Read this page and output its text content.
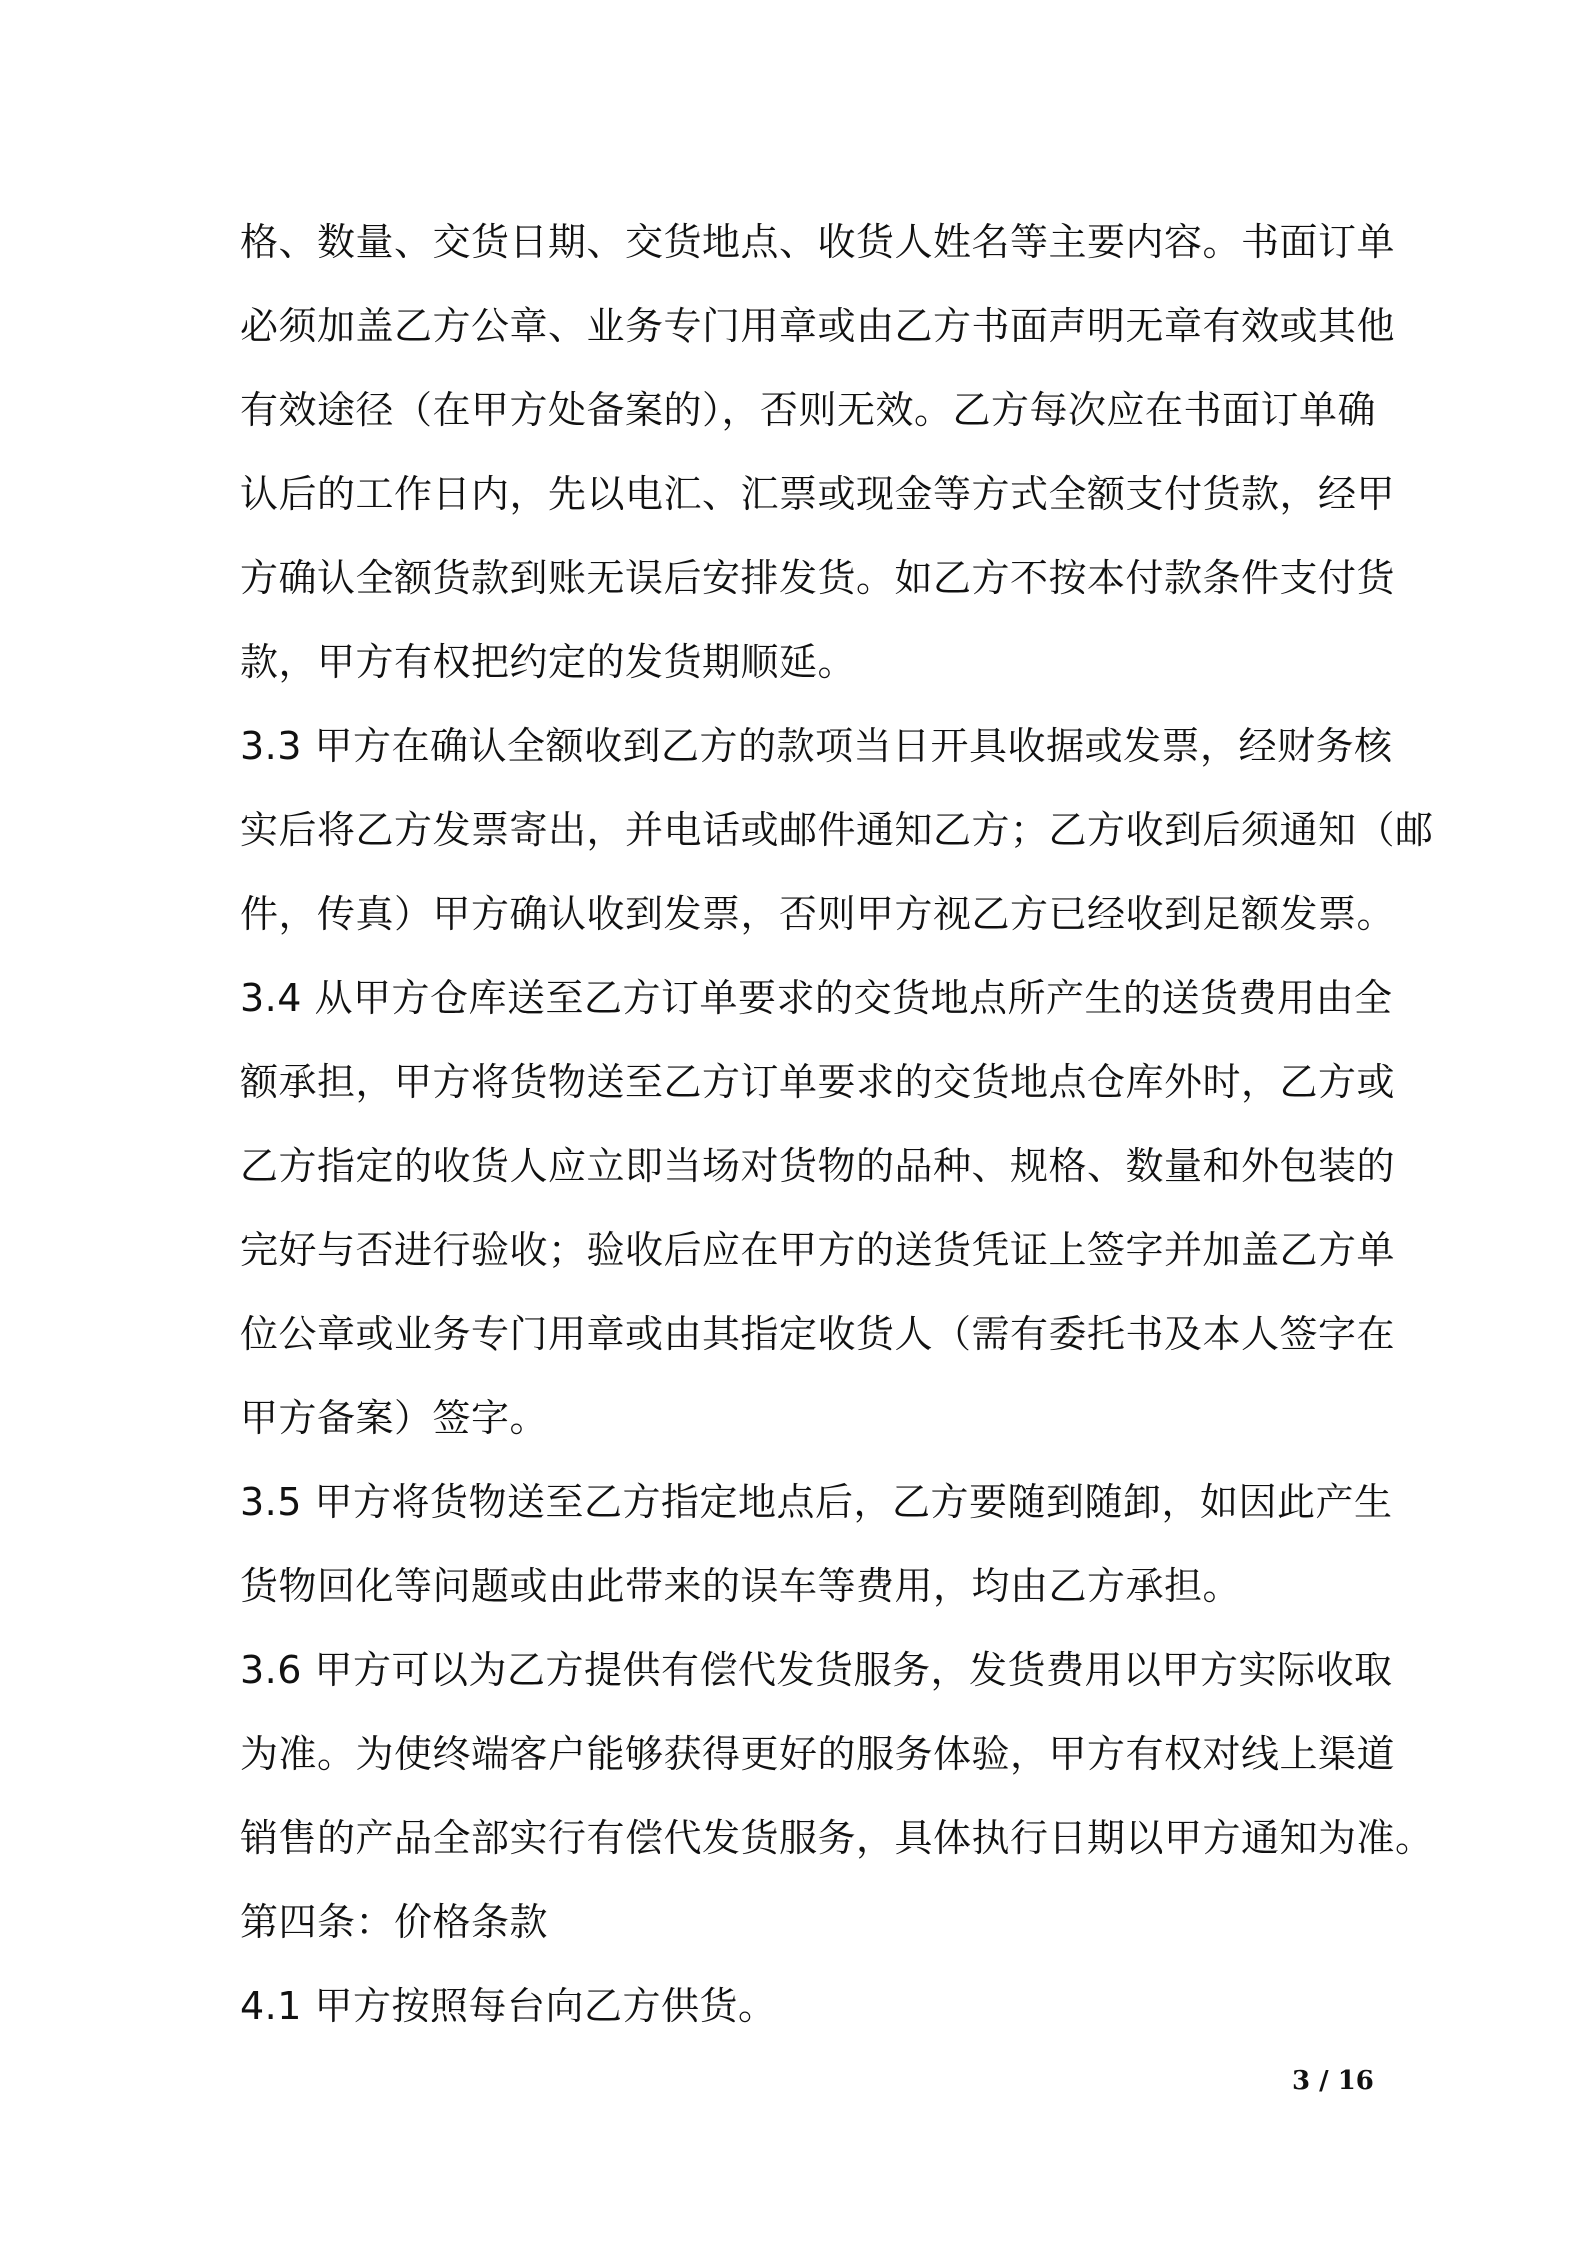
格、数量、交货日期、交货地点、收货人姓名等主要内容。书面订单
必须加盖乙方公章、业务专门用章或由乙方书面声明无章有效或其他
有效途径（在甲方处备案的），否则无效。乙方每次应在书面订单确
认后的工作日内，先以电汇、汇票或现金等方式全额支付货款，经甲
方确认全额货款到账无误后安排发货。如乙方不按本付款条件支付货
款，甲方有权把约定的发货期顺延。
3.3 甲方在确认全额收到乙方的款项当日开具收据或发票，经财务核
实后将乙方发票寄出，并电话或邮件通知乙方；乙方收到后须通知（邮
件，传真）甲方确认收到发票，否则甲方视乙方已经收到足额发票。
3.4 从甲方仓库送至乙方订单要求的交货地点所产生的送货费用由全
额承担，甲方将货物送至乙方订单要求的交货地点仓库外时，乙方或
乙方指定的收货人应立即当场对货物的品种、规格、数量和外包装的
完好与否进行验收；验收后应在甲方的送货凭证上签字并加盖乙方单
位公章或业务专门用章或由其指定收货人（需有委托书及本人签字在
甲方备案）签字。
3.5 甲方将货物送至乙方指定地点后，乙方要随到随卸，如因此产生
货物回化等问题或由此带来的误车等费用，均由乙方承担。
3.6 甲方可以为乙方提供有偿代发货服务，发货费用以甲方实际收取
为准。为使终端客户能够获得更好的服务体验，甲方有权对线上渠道
销售的产品全部实行有偿代发货服务，具体执行日期以甲方通知为准。
第四条：价格条款
4.1 甲方按照每台向乙方供货。
3 / 16
